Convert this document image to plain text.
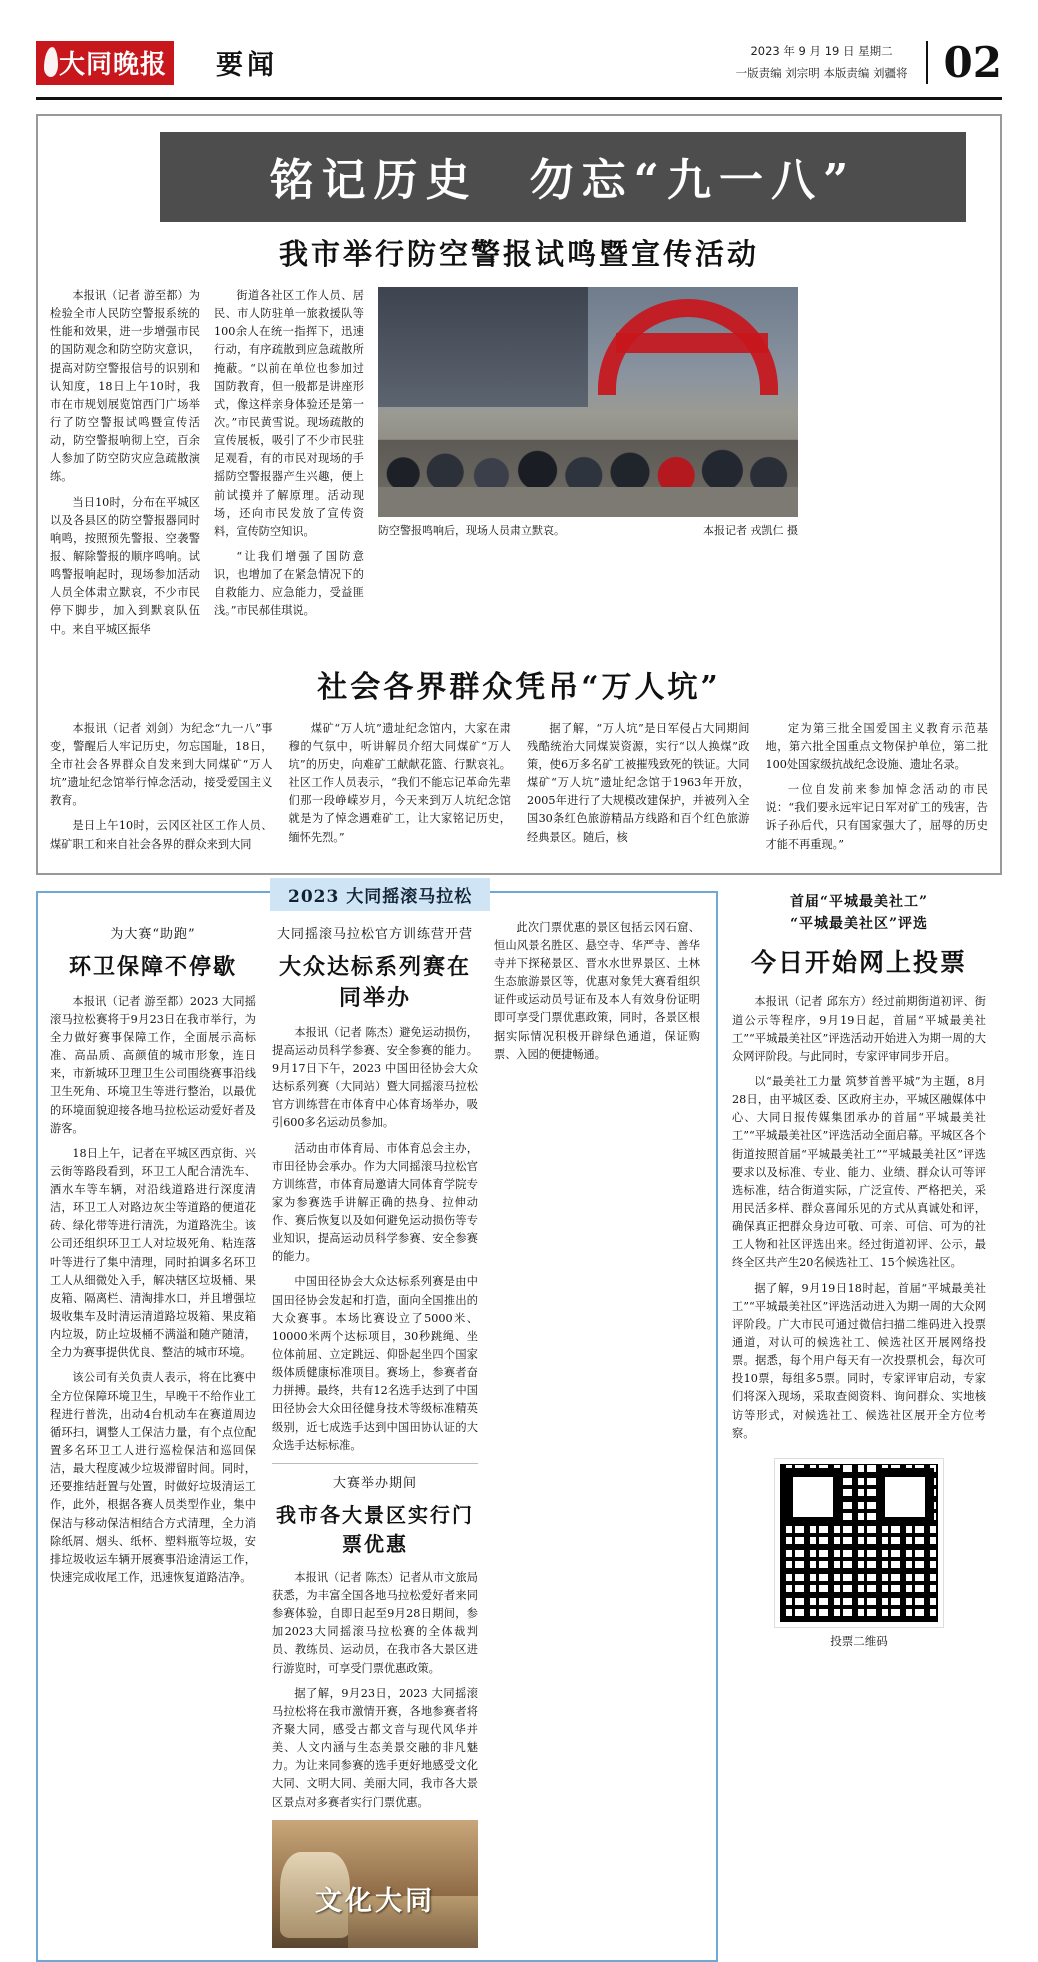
大同晚报 要闻	2023 年 9 月 19 日 星期二
一版责编 刘宗明 本版责编 刘疆将 02
铭记历史　勿忘“九一八”
我市举行防空警报试鸣暨宣传活动

本报讯（记者 游至都）为检验全市人民防空警报系统的性能和效果，进一步增强市民的国防观念和防空防灾意识，提高对防空警报信号的识别和认知度，18日上午10时，我市在市规划展览馆西门广场举行了防空警报试鸣暨宣传活动，防空警报响彻上空，百余人参加了防空防灾应急疏散演练。

当日10时，分布在平城区以及各县区的防空警报器同时响鸣，按照预先警报、空袭警报、解除警报的顺序鸣响。试鸣警报响起时，现场参加活动人员全体肃立默哀，不少市民停下脚步，加入到默哀队伍中。来自平城区振华

街道各社区工作人员、居民、市人防驻单一旅救援队等100余人在统一指挥下，迅速行动，有序疏散到应急疏散所掩蔽。“以前在单位也参加过国防教育，但一般都是讲座形式，像这样亲身体验还是第一次。”市民黄雪说。现场疏散的宣传展板，吸引了不少市民驻足观看，有的市民对现场的手摇防空警报器产生兴趣，便上前试摸并了解原理。活动现场，还向市民发放了宣传资料，宣传防空知识。

“让我们增强了国防意识，也增加了在紧急情况下的自救能力、应急能力，受益匪浅。”市民郝佳琪说。

防空警报鸣响后，现场人员肃立默哀。	本报记者 戎凯仁 摄
社会各界群众凭吊“万人坑”

本报讯（记者 刘剑）为纪念“九一八”事变，警醒后人牢记历史，勿忘国耻，18日，全市社会各界群众自发来到大同煤矿“万人坑”遗址纪念馆举行悼念活动，接受爱国主义教育。

是日上午10时，云冈区社区工作人员、煤矿职工和来自社会各界的群众来到大同

煤矿“万人坑”遗址纪念馆内，大家在肃穆的气氛中，听讲解员介绍大同煤矿“万人坑”的历史，向难矿工献献花篮、行默哀礼。社区工作人员表示，“我们不能忘记革命先辈们那一段峥嵘岁月，今天来到万人坑纪念馆就是为了悼念遇难矿工，让大家铭记历史，缅怀先烈。”

据了解，“万人坑”是日军侵占大同期间残酷统治大同煤炭资源，实行“以人换煤”政策，使6万多名矿工被摧残致死的铁证。大同煤矿“万人坑”遗址纪念馆于1963年开放，2005年进行了大规模改建保护，并被列入全国30条红色旅游精品方线路和百个红色旅游经典景区。随后，核

定为第三批全国爱国主义教育示范基地，第六批全国重点文物保护单位，第二批100处国家级抗战纪念设施、遗址名录。

一位自发前来参加悼念活动的市民说：“我们要永远牢记日军对矿工的残害，告诉子孙后代，只有国家强大了，屈辱的历史才能不再重现。”

2023 大同摇滚马拉松
为大赛“助跑”
环卫保障不停歇

本报讯（记者 游至都）2023 大同摇滚马拉松赛将于9月23日在我市举行，为全力做好赛事保障工作，全面展示高标准、高品质、高颜值的城市形象，连日来，市新城环卫理卫生公司围绕赛事沿线卫生死角、环境卫生等进行整治，以最优的环境面貌迎接各地马拉松运动爱好者及游客。

18日上午，记者在平城区西京街、兴云街等路段看到，环卫工人配合清洗车、酒水车等车辆，对沿线道路进行深度清洁，环卫工人对路边灰尘等道路的便道花砖、绿化带等进行清洗，为道路洗尘。该公司还组织环卫工人对垃圾死角、粘连落叶等进行了集中清理，同时拍调多名环卫工人从细微处入手，解决辖区垃圾桶、果皮箱、隔离栏、清淘排水口，并且增强垃圾收集车及时清运清道路垃圾箱、果皮箱内垃圾，防止垃圾桶不满溢和随产随清，全力为赛事提供优良、整洁的城市环境。

该公司有关负责人表示，将在比赛中全方位保障环境卫生，早晚干不给作业工程进行普洗，出动4台机动车在赛道周边循环扫，调整人工保洁力量，有个点位配置多名环卫工人进行巡检保洁和巡回保洁，最大程度减少垃圾滞留时间。同时，还要推结赶置与处置，时做好垃圾清运工作，此外，根据各赛人员类型作业，集中保洁与移动保洁相结合方式清理，全力消除纸屑、烟头、纸杯、塑料瓶等垃圾，安排垃圾收运车辆开展赛事沿途清运工作，快速完成收尾工作，迅速恢复道路洁净。

大同摇滚马拉松官方训练营开营
大众达标系列赛在同举办

本报讯（记者 陈杰）避免运动损伤，提高运动员科学参赛、安全参赛的能力。9月17日下午，2023 中国田径协会大众达标系列赛（大同站）暨大同摇滚马拉松官方训练营在市体育中心体育场举办，吸引600多名运动员参加。

活动由市体育局、市体育总会主办，市田径协会承办。作为大同摇滚马拉松官方训练营，市体育局邀请大同体育学院专家为参赛选手讲解正确的热身、拉伸动作、赛后恢复以及如何避免运动损伤等专业知识，提高运动员科学参赛、安全参赛的能力。

中国田径协会大众达标系列赛是由中国田径协会发起和打造，面向全国推出的大众赛事。本场比赛设立了5000米、10000米两个达标项目，30秒跳绳、坐位体前屈、立定跳远、仰卧起坐四个国家级体质健康标准项目。赛场上，参赛者奋力拼搏。最终，共有12名选手达到了中国田径协会大众田径健身技术等级标准精英级别，近七成选手达到中国田协认证的大众选手达标标准。

大赛举办期间
我市各大景区实行门票优惠

本报讯（记者 陈杰）记者从市文旅局获悉，为丰富全国各地马拉松爱好者来同参赛体验，自即日起至9月28日期间，参加2023大同摇滚马拉松赛的全体裁判员、教练员、运动员，在我市各大景区进行游览时，可享受门票优惠政策。

据了解，9月23日，2023 大同摇滚马拉松将在我市激情开赛，各地参赛者将齐聚大同，感受古都文音与现代风华并美、人文内涵与生态美景交融的非凡魅力。为让来同参赛的选手更好地感受文化大同、文明大同、美丽大同，我市各大景区景点对多赛者实行门票优惠。

文化大同

此次门票优惠的景区包括云冈石窟、恒山风景名胜区、悬空寺、华严寺、善华寺并下探秘景区、晋水水世界景区、土林生态旅游景区等，优惠对象凭大赛看组织证件或运动员号证布及本人有效身份证明即可享受门票优惠政策，同时，各景区根据实际情况积极开辟绿色通道，保证购票、入园的便捷畅通。

首届“平城最美社工”
“平城最美社区”评选
今日开始网上投票

本报讯（记者 邱东方）经过前期街道初评、街道公示等程序，9月19日起，首届“平城最美社工”“平城最美社区”评选活动开始进入为期一周的大众网评阶段。与此同时，专家评审同步开启。

以“最美社工力量 筑梦首善平城”为主题，8月28日，由平城区委、区政府主办，平城区融媒体中心、大同日报传媒集团承办的首届“平城最美社工”“平城最美社区”评选活动全面启幕。平城区各个街道按照首届“平城最美社工”“平城最美社区”评选要求以及标准、专业、能力、业绩、群众认可等评选标准，结合街道实际，广泛宣传、严格把关，采用民活多样、群众喜闻乐见的方式从真诚处和评，确保真正把群众身边可敬、可亲、可信、可为的社工人物和社区评选出来。经过街道初评、公示，最终全区共产生20名候选社工、15个候选社区。

据了解，9月19日18时起，首届“平城最美社工”“平城最美社区”评选活动进入为期一周的大众网评阶段。广大市民可通过微信扫描二维码进入投票通道，对认可的候选社工、候选社区开展网络投票。据悉，每个用户每天有一次投票机会，每次可投10票，每组多5票。同时，专家评审启动，专家们将深入现场，采取查阅资料、询问群众、实地核访等形式，对候选社工、候选社区展开全方位考察。

投票二维码
